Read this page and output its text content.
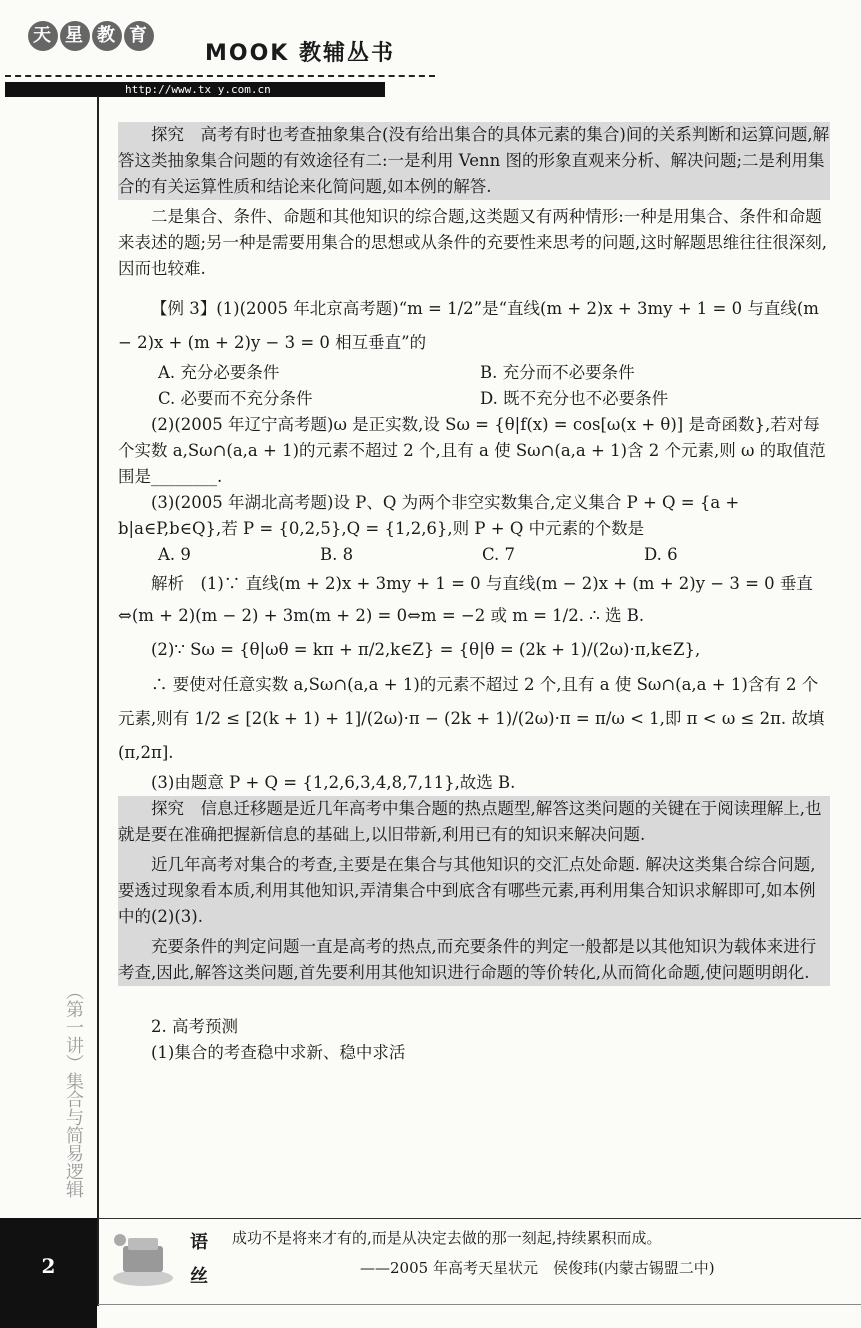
天 星 教 育
MOOK 教辅丛书
http://www.tx y.com.cn
（第一讲）集合与简易逻辑

探究　高考有时也考查抽象集合(没有给出集合的具体元素的集合)间的关系判断和运算问题,解答这类抽象集合问题的有效途径有二:一是利用 Venn 图的形象直观来分析、解决问题;二是利用集合的有关运算性质和结论来化简问题,如本例的解答.

二是集合、条件、命题和其他知识的综合题,这类题又有两种情形:一种是用集合、条件和命题来表述的题;另一种是需要用集合的思想或从条件的充要性来思考的问题,这时解题思维往往很深刻,因而也较难.

【例 3】(1)(2005 年北京高考题)“m = 1/2”是“直线(m + 2)x + 3my + 1 = 0 与直线(m − 2)x + (m + 2)y − 3 = 0 相互垂直”的

A. 充分必要条件	B. 充分而不必要条件
C. 必要而不充分条件	D. 既不充分也不必要条件

(2)(2005 年辽宁高考题)ω 是正实数,设 Sω = {θ|f(x) = cos[ω(x + θ)] 是奇函数},若对每个实数 a,Sω∩(a,a + 1)的元素不超过 2 个,且有 a 使 Sω∩(a,a + 1)含 2 个元素,则 ω 的取值范围是________.

(3)(2005 年湖北高考题)设 P、Q 为两个非空实数集合,定义集合 P + Q = {a + b|a∈P,b∈Q},若 P = {0,2,5},Q = {1,2,6},则 P + Q 中元素的个数是

A. 9	B. 8	C. 7	D. 6

解析　(1)∵ 直线(m + 2)x + 3my + 1 = 0 与直线(m − 2)x + (m + 2)y − 3 = 0 垂直⇔(m + 2)(m − 2) + 3m(m + 2) = 0⇔m = −2 或 m = 1/2. ∴ 选 B.

(2)∵ Sω = {θ|ωθ = kπ + π/2,k∈Z} = {θ|θ = (2k + 1)/(2ω)·π,k∈Z},

∴ 要使对任意实数 a,Sω∩(a,a + 1)的元素不超过 2 个,且有 a 使 Sω∩(a,a + 1)含有 2 个元素,则有 1/2 ≤ [2(k + 1) + 1]/(2ω)·π − (2k + 1)/(2ω)·π = π/ω < 1,即 π < ω ≤ 2π. 故填(π,2π].

(3)由题意 P + Q = {1,2,6,3,4,8,7,11},故选 B.

探究　信息迁移题是近几年高考中集合题的热点题型,解答这类问题的关键在于阅读理解上,也就是要在准确把握新信息的基础上,以旧带新,利用已有的知识来解决问题.

近几年高考对集合的考查,主要是在集合与其他知识的交汇点处命题. 解决这类集合综合问题,要透过现象看本质,利用其他知识,弄清集合中到底含有哪些元素,再利用集合知识求解即可,如本例中的(2)(3).

充要条件的判定问题一直是高考的热点,而充要条件的判定一般都是以其他知识为载体来进行考查,因此,解答这类问题,首先要利用其他知识进行命题的等价转化,从而简化命题,使问题明朗化.

2. 高考预测

(1)集合的考查稳中求新、稳中求活

2
语丝
成功不是将来才有的,而是从决定去做的那一刻起,持续累积而成。
——2005 年高考天星状元　侯俊玮(内蒙古锡盟二中)
